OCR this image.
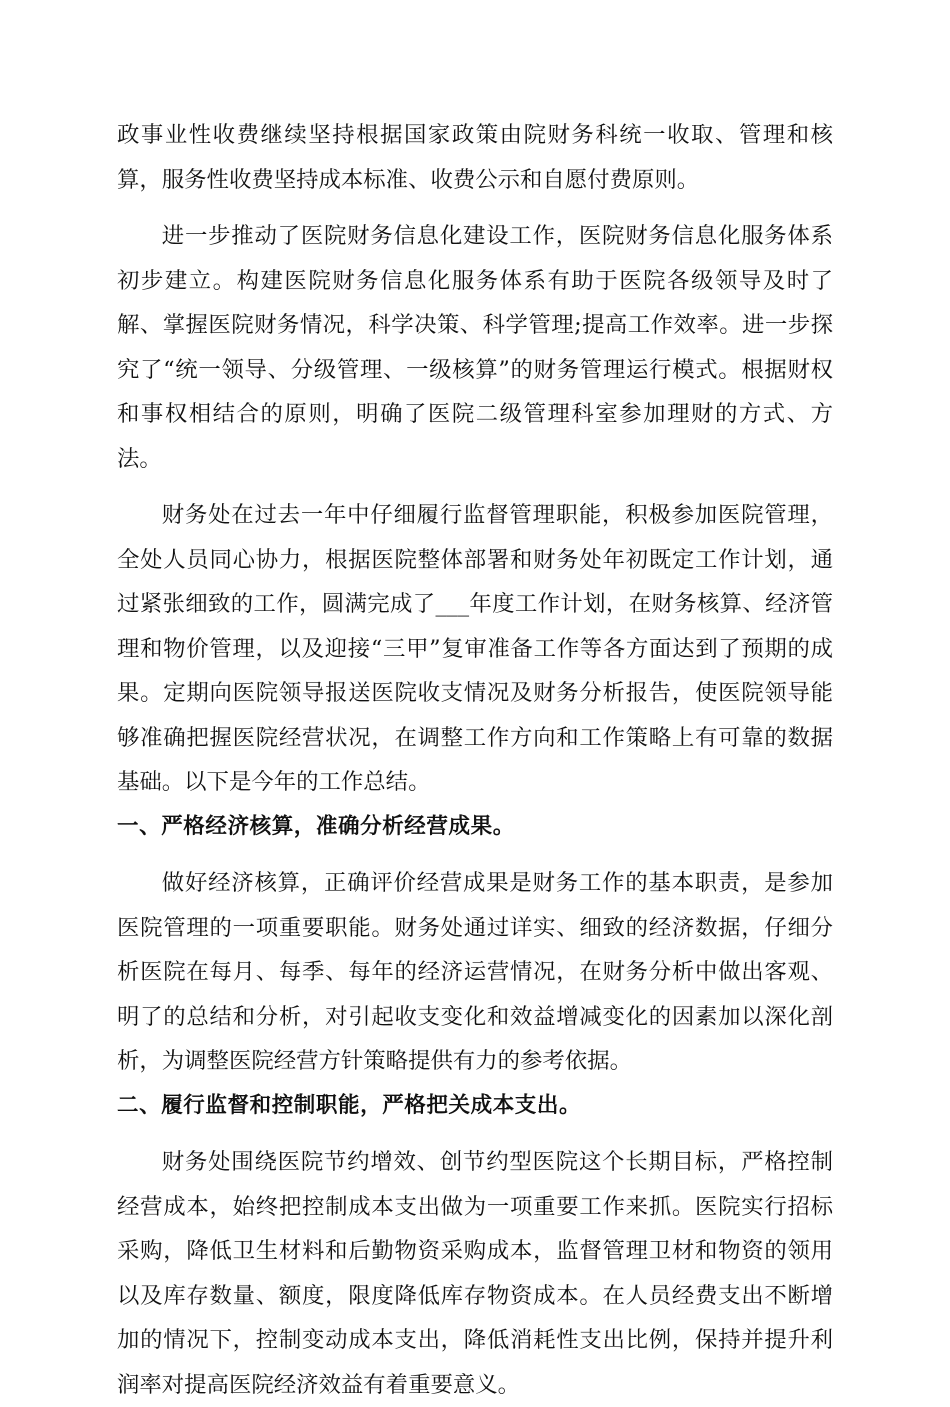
政事业性收费继续坚持根据国家政策由院财务科统一收取、管理和核算，服务性收费坚持成本标准、收费公示和自愿付费原则。

进一步推动了医院财务信息化建设工作，医院财务信息化服务体系初步建立。构建医院财务信息化服务体系有助于医院各级领导及时了解、掌握医院财务情况，科学决策、科学管理;提高工作效率。进一步探究了“统一领导、分级管理、一级核算”的财务管理运行模式。根据财权和事权相结合的原则，明确了医院二级管理科室参加理财的方式、方法。

财务处在过去一年中仔细履行监督管理职能，积极参加医院管理，全处人员同心协力，根据医院整体部署和财务处年初既定工作计划，通过紧张细致的工作，圆满完成了___年度工作计划，在财务核算、经济管理和物价管理，以及迎接“三甲”复审准备工作等各方面达到了预期的成果。定期向医院领导报送医院收支情况及财务分析报告，使医院领导能够准确把握医院经营状况，在调整工作方向和工作策略上有可靠的数据基础。以下是今年的工作总结。

一、严格经济核算，准确分析经营成果。

做好经济核算，正确评价经营成果是财务工作的基本职责，是参加医院管理的一项重要职能。财务处通过详实、细致的经济数据，仔细分析医院在每月、每季、每年的经济运营情况，在财务分析中做出客观、明了的总结和分析，对引起收支变化和效益增减变化的因素加以深化剖析，为调整医院经营方针策略提供有力的参考依据。

二、履行监督和控制职能，严格把关成本支出。

财务处围绕医院节约增效、创节约型医院这个长期目标，严格控制经营成本，始终把控制成本支出做为一项重要工作来抓。医院实行招标采购，降低卫生材料和后勤物资采购成本，监督管理卫材和物资的领用以及库存数量、额度，限度降低库存物资成本。在人员经费支出不断增加的情况下，控制变动成本支出，降低消耗性支出比例，保持并提升利润率对提高医院经济效益有着重要意义。
